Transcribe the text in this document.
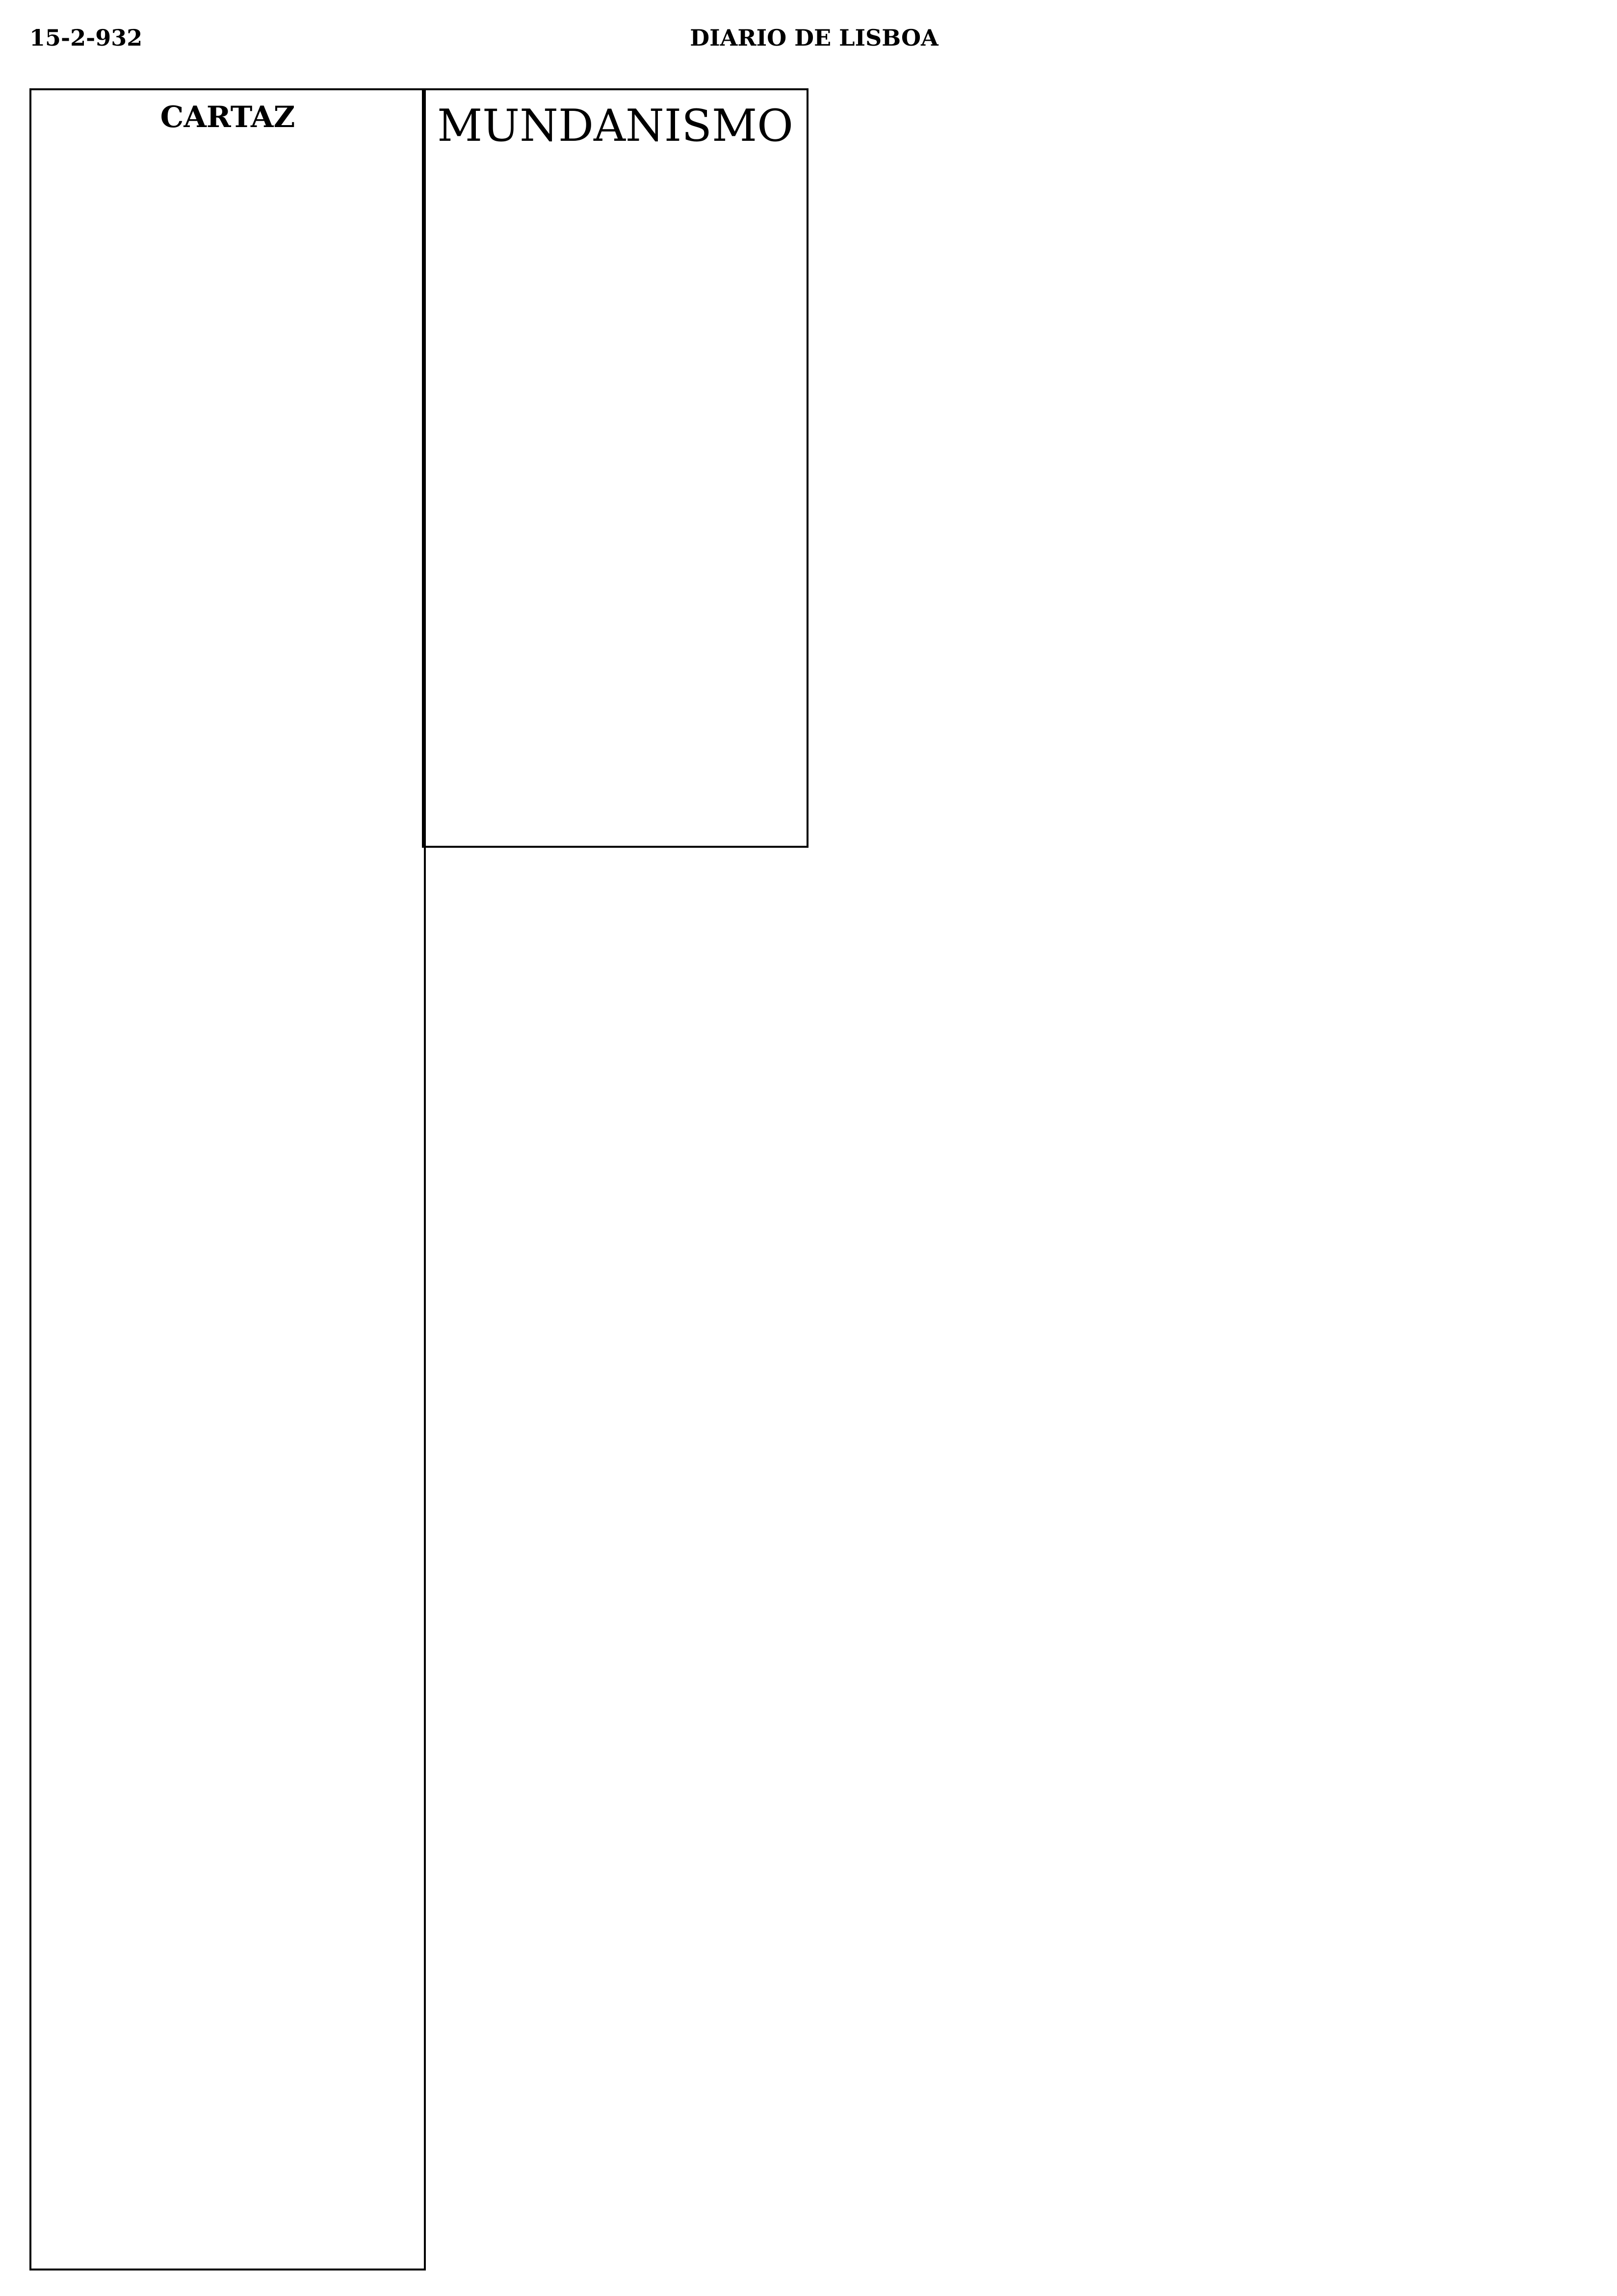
15-2-932	DIARIO DE LISBOA
CARTAZ	MUNDANISMO
